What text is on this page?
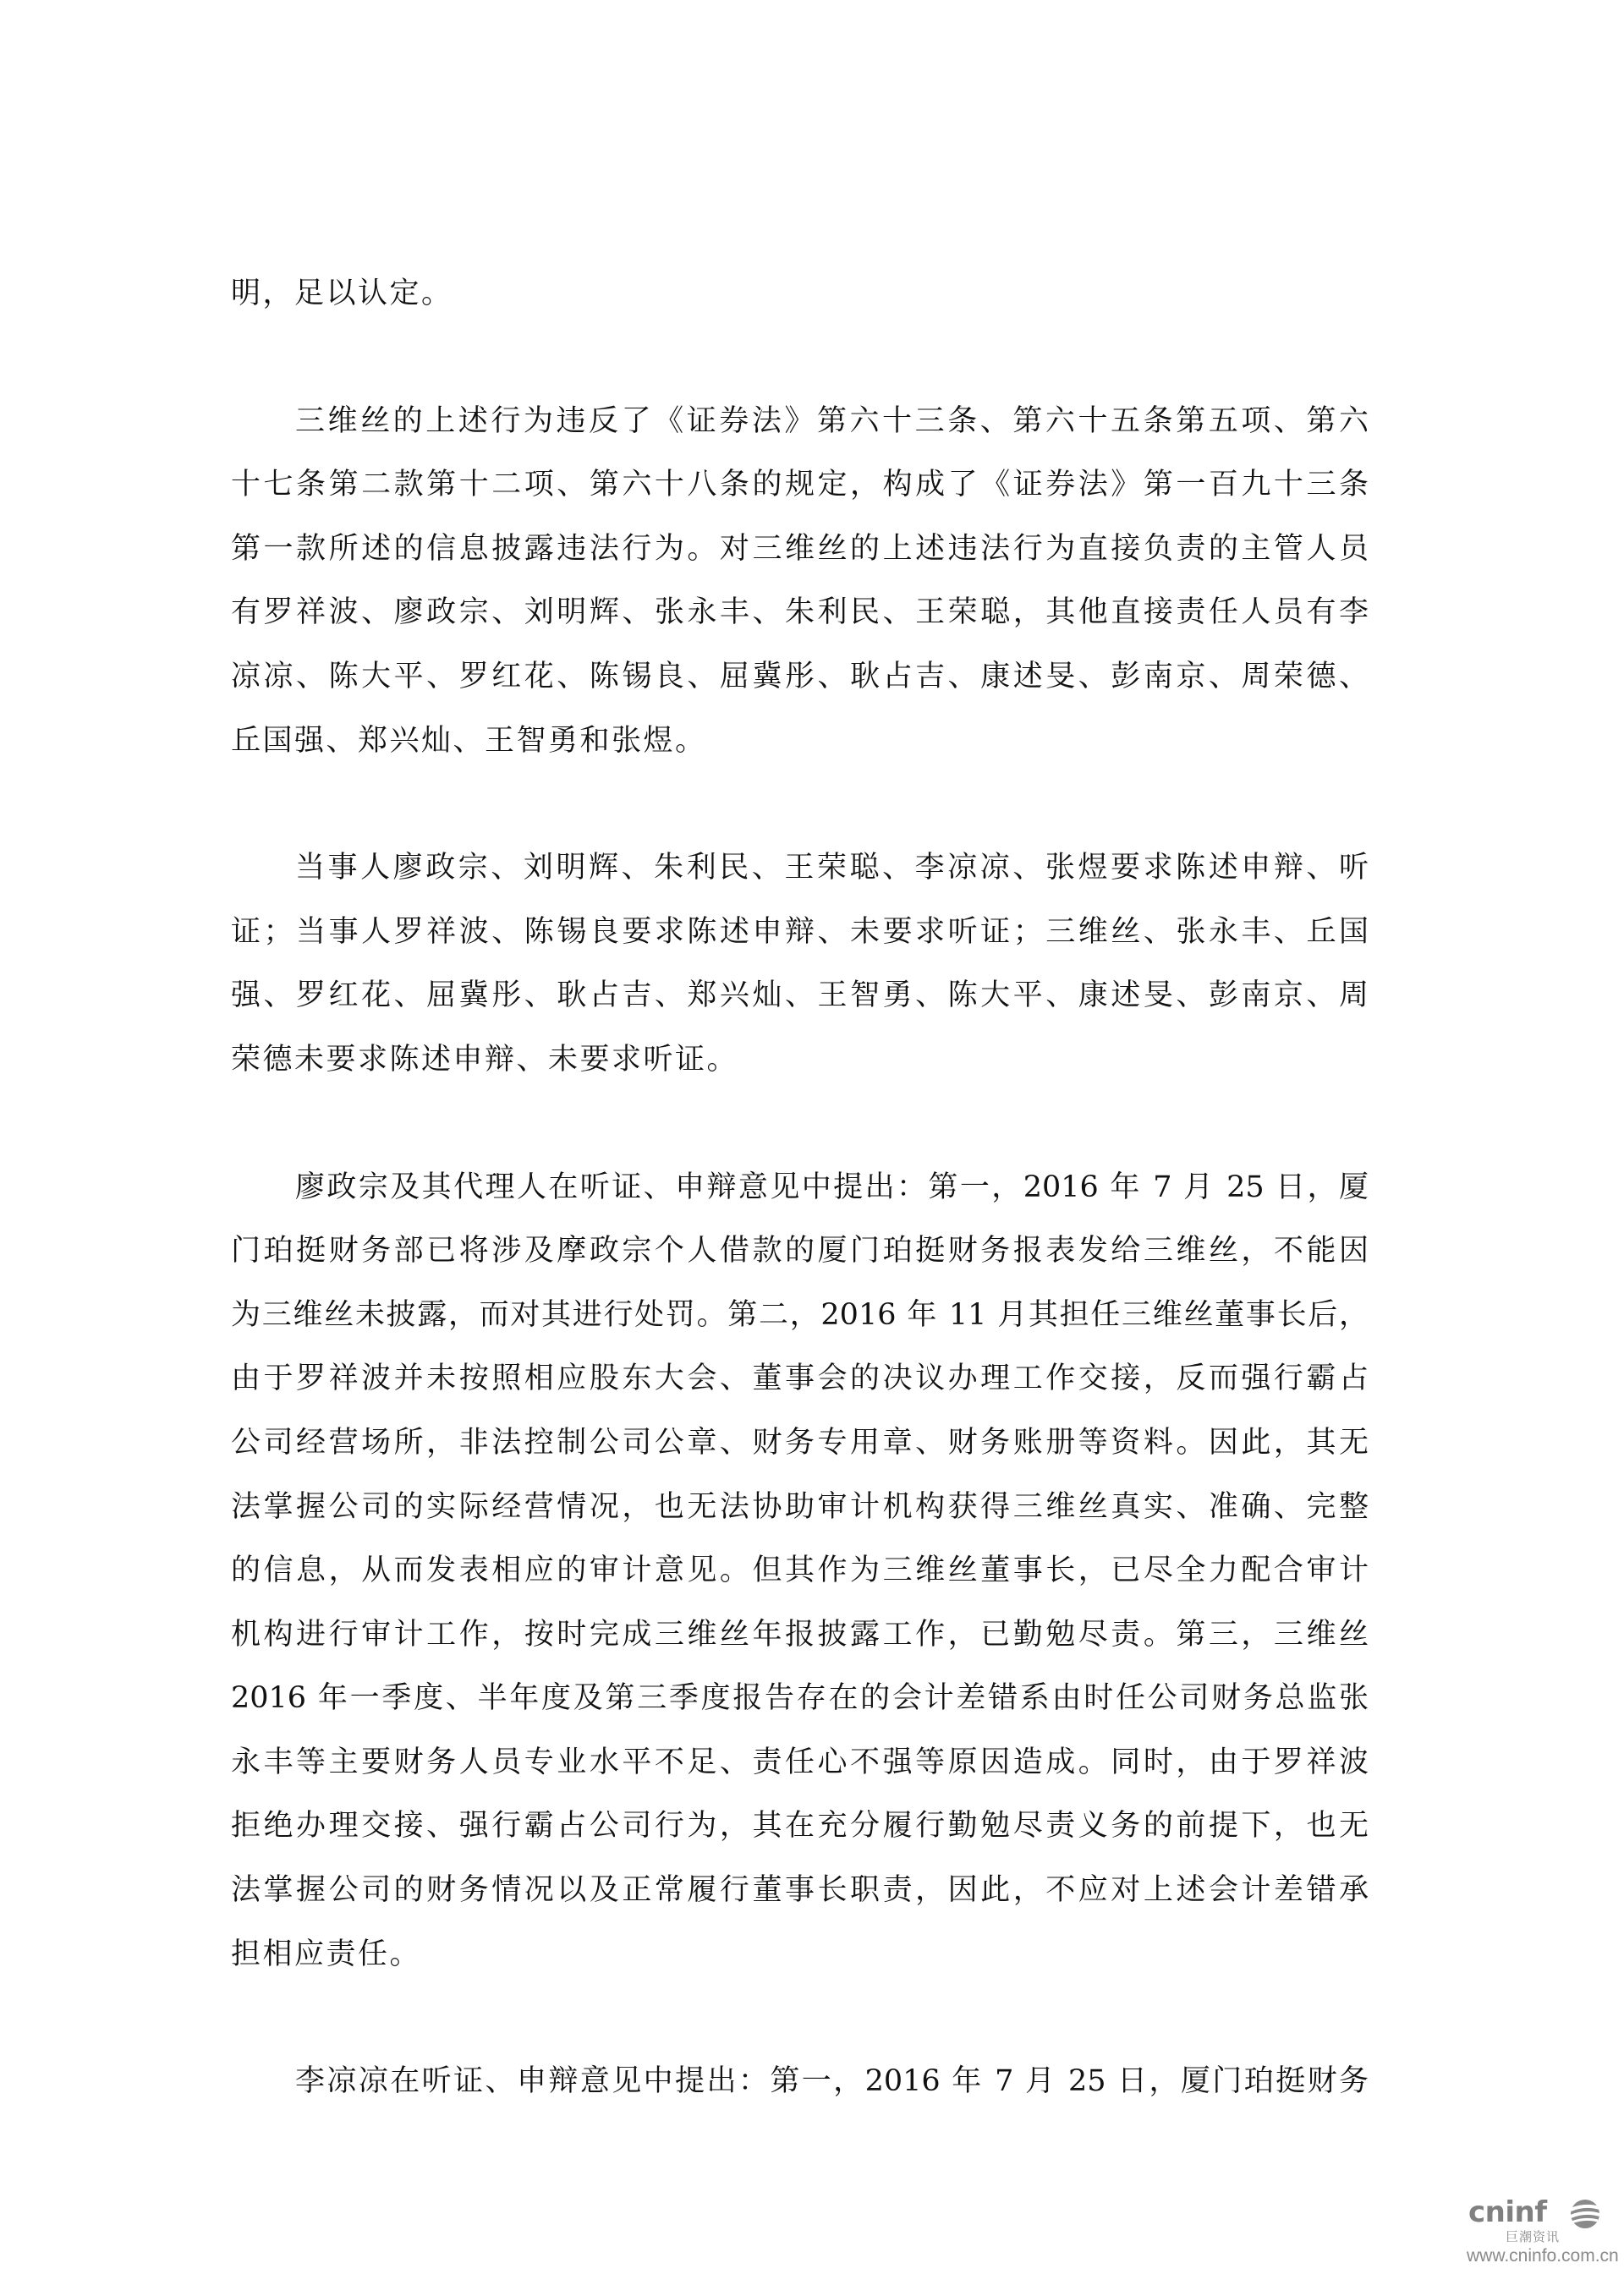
明，足以认定。

三维丝的上述行为违反了《证券法》第六十三条、第六十五条第五项、第六
十七条第二款第十二项、第六十八条的规定，构成了《证券法》第一百九十三条
第一款所述的信息披露违法行为。对三维丝的上述违法行为直接负责的主管人员
有罗祥波、廖政宗、刘明辉、张永丰、朱利民、王荣聪，其他直接责任人员有李
凉凉、陈大平、罗红花、陈锡良、屈冀彤、耿占吉、康述旻、彭南京、周荣德、
丘国强、郑兴灿、王智勇和张煜。

当事人廖政宗、刘明辉、朱利民、王荣聪、李凉凉、张煜要求陈述申辩、听
证；当事人罗祥波、陈锡良要求陈述申辩、未要求听证；三维丝、张永丰、丘国
强、罗红花、屈冀彤、耿占吉、郑兴灿、王智勇、陈大平、康述旻、彭南京、周
荣德未要求陈述申辩、未要求听证。

廖政宗及其代理人在听证、申辩意见中提出：第一，2016 年 7 月 25 日，厦
门珀挺财务部已将涉及摩政宗个人借款的厦门珀挺财务报表发给三维丝，不能因
为三维丝未披露，而对其进行处罚。第二，2016 年 11 月其担任三维丝董事长后，
由于罗祥波并未按照相应股东大会、董事会的决议办理工作交接，反而强行霸占
公司经营场所，非法控制公司公章、财务专用章、财务账册等资料。因此，其无
法掌握公司的实际经营情况，也无法协助审计机构获得三维丝真实、准确、完整
的信息，从而发表相应的审计意见。但其作为三维丝董事长，已尽全力配合审计
机构进行审计工作，按时完成三维丝年报披露工作，已勤勉尽责。第三，三维丝
2016 年一季度、半年度及第三季度报告存在的会计差错系由时任公司财务总监张
永丰等主要财务人员专业水平不足、责任心不强等原因造成。同时，由于罗祥波
拒绝办理交接、强行霸占公司行为，其在充分履行勤勉尽责义务的前提下，也无
法掌握公司的财务情况以及正常履行董事长职责，因此，不应对上述会计差错承
担相应责任。

李凉凉在听证、申辩意见中提出：第一，2016 年 7 月 25 日，厦门珀挺财务

cninf
巨潮资讯
www.cninfo.com.cn
